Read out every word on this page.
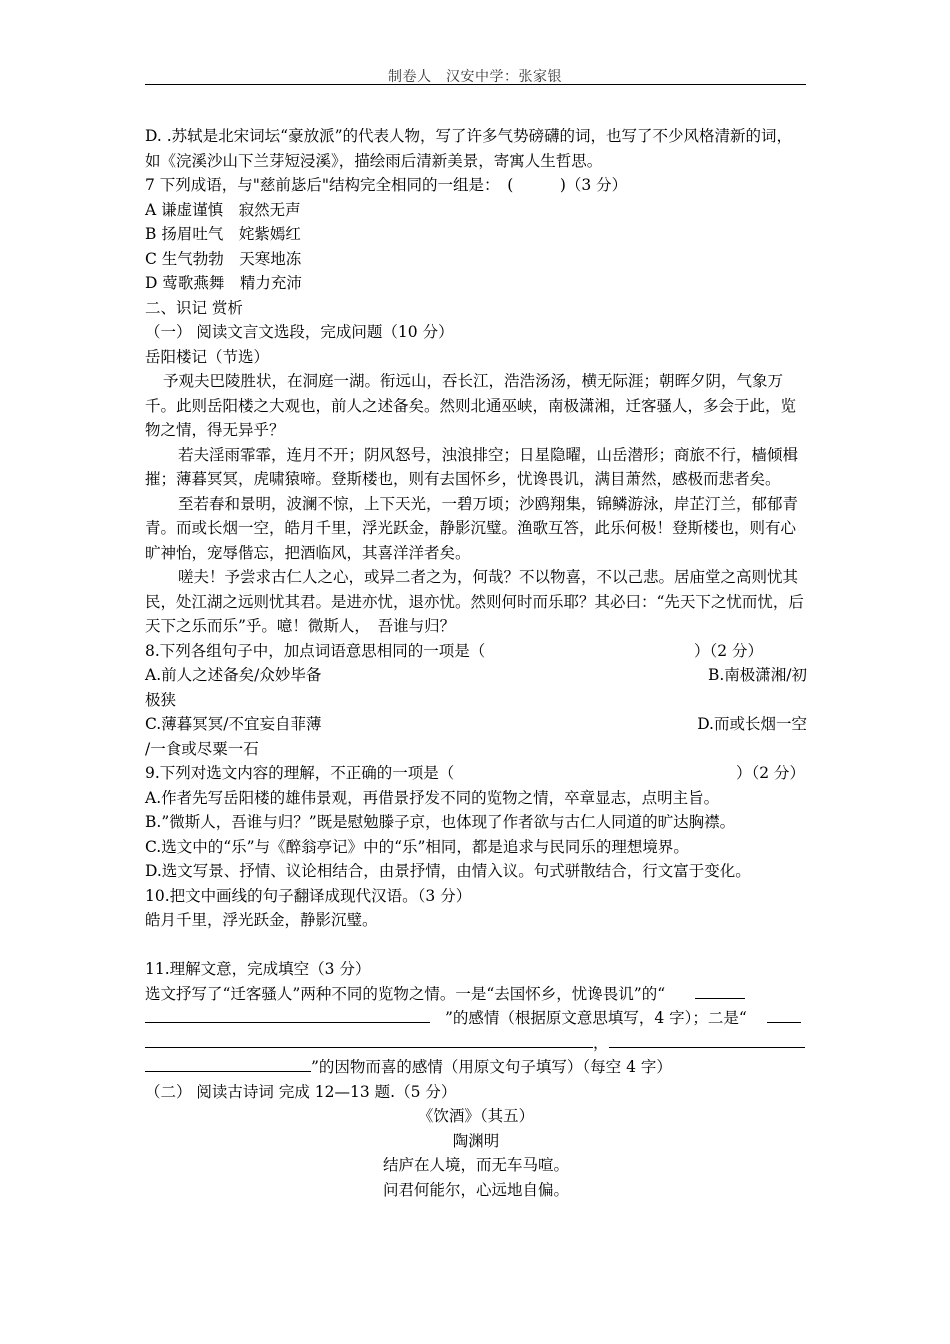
制卷人　汉安中学：张家银

D. .苏轼是北宋词坛“豪放派”的代表人物，写了许多气势磅礴的词，也写了不少风格清新的词，如《浣溪沙山下兰芽短浸溪》，描绘雨后清新美景，寄寓人生哲思。

7 下列成语，与"慈前毖后"结构完全相同的一组是：　(　　　)（3 分）

A 谦虚谨慎　寂然无声

B 扬眉吐气　姹紫嫣红

C 生气勃勃　天寒地冻

D 莺歌燕舞　精力充沛

二、识记 赏析

（一） 阅读文言文选段，完成问题（10 分）

岳阳楼记（节选）

予观夫巴陵胜状，在洞庭一湖。衔远山，吞长江，浩浩汤汤，横无际涯；朝晖夕阴，气象万千。此则岳阳楼之大观也，前人之述备矣。然则北通巫峡，南极潇湘，迁客骚人，多会于此，览物之情，得无异乎？

若夫淫雨霏霏，连月不开；阴风怒号，浊浪排空；日星隐曜，山岳潜形；商旅不行，樯倾楫摧；薄暮冥冥，虎啸猿啼。登斯楼也，则有去国怀乡，忧谗畏讥，满目萧然，感极而悲者矣。

至若春和景明，波澜不惊，上下天光，一碧万顷；沙鸥翔集，锦鳞游泳，岸芷汀兰，郁郁青青。而或长烟一空，皓月千里，浮光跃金，静影沉璧。渔歌互答，此乐何极！登斯楼也，则有心旷神怡，宠辱偕忘，把酒临风，其喜洋洋者矣。

嗟夫！予尝求古仁人之心，或异二者之为，何哉？不以物喜，不以己悲。居庙堂之高则忧其民，处江湖之远则忧其君。是进亦忧，退亦忧。然则何时而乐耶？其必曰：“先天下之忧而忧，后天下之乐而乐”乎。噫！微斯人，　吾谁与归？

8.下列各组句子中，加点词语意思相同的一项是（	）（2 分）
A.前人之述备矣/众妙毕备	B.南极潇湘/初

极狭

C.薄暮冥冥/不宜妄自菲薄	D.而或长烟一空

/一食或尽粟一石

9.下列对选文内容的理解，不正确的一项是（	）（2 分）

A.作者先写岳阳楼的雄伟景观，再借景抒发不同的览物之情，卒章显志，点明主旨。

B.”微斯人，吾谁与归？”既是慰勉滕子京，也体现了作者欲与古仁人同道的旷达胸襟。

C.选文中的“乐”与《醉翁亭记》中的“乐”相同，都是追求与民同乐的理想境界。

D.选文写景、抒情、议论相结合，由景抒情，由情入议。句式骈散结合，行文富于变化。

10.把文中画线的句子翻译成现代汉语。（3 分）

皓月千里，浮光跃金，静影沉璧。

11.理解文意，完成填空（3 分）

选文抒写了“迁客骚人”两种不同的览物之情。一是“去国怀乡，忧谗畏讥”的“

”的感情（根据原文意思填写，4 字）；二是“

，

”的因物而喜的感情（用原文句子填写）（每空 4 字）

（二） 阅读古诗词 完成 12—13 题.（5 分）

《饮酒》（其五）

陶渊明

结庐在人境，而无车马喧。

问君何能尔，心远地自偏。
